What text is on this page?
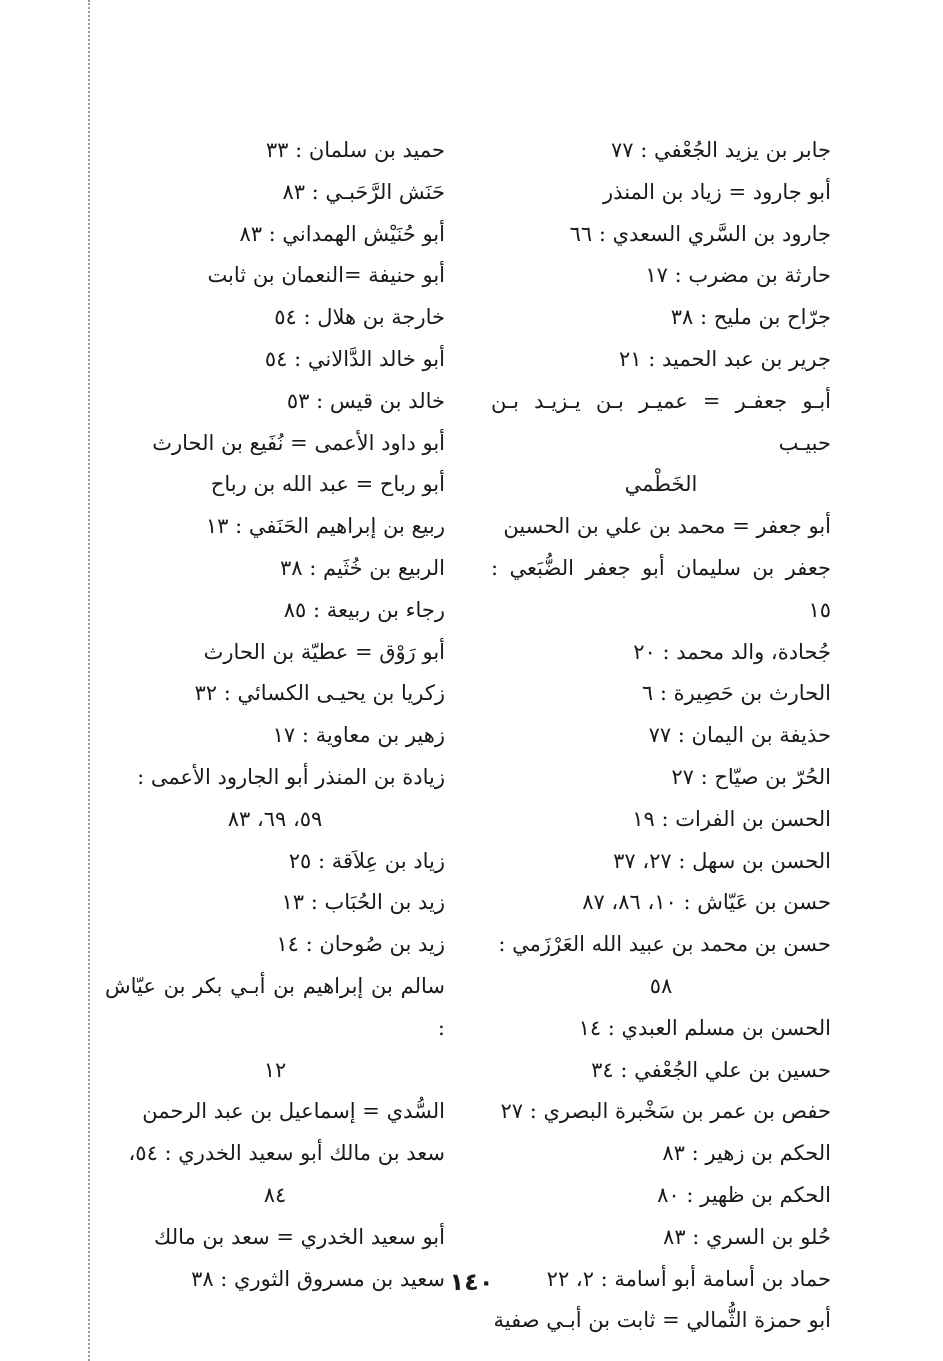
جابر بن يزيد الجُعْفي : ٧٧
أبو جارود = زياد بن المنذر
جارود بن السَّري السعدي : ٦٦
حارثة بن مضرب : ١٧
جرّاح بن مليح : ٣٨
جرير بن عبد الحميد : ٢١
أبـو جعفـر = عميـر بـن يـزيـد بـن حبيـب
الخَطْمي
أبو جعفر = محمد بن علي بن الحسين
جعفر بن سليمان أبو جعفر الضُّبَعي : ١٥
جُحادة، والد محمد : ٢٠
الحارث بن حَصِيرة : ٦
حذيفة بن اليمان : ٧٧
الحُرّ بن صيّاح : ٢٧
الحسن بن الفرات : ١٩
الحسن بن سهل : ٢٧، ٣٧
حسن بن عَيّاش : ١٠، ٨٦، ٨٧
حسن بن محمد بن عبيد الله العَرْزَمي :
٥٨
الحسن بن مسلم العبدي : ١٤
حسين بن علي الجُعْفي : ٣٤
حفص بن عمر بن سَخْبرة البصري : ٢٧
الحكم بن زهير : ٨٣
الحكم بن ظهير : ٨٠
حُلو بن السري : ٨٣
حماد بن أسامة أبو أسامة : ٢، ٢٢
أبو حمزة الثُّمالي = ثابت بن أبـي صفية
حميد بن سلمان : ٣٣
حَنَش الرَّحَبـي : ٨٣
أبو حُنَيْش الهمداني : ٨٣
أبو حنيفة =النعمان بن ثابت
خارجة بن هلال : ٥٤
أبو خالد الدَّالاني : ٥٤
خالد بن قيس : ٥٣
أبو داود الأعمى = نُفَيع بن الحارث
أبو رباح = عبد الله بن رباح
ربيع بن إبراهيم الحَنَفي : ١٣
الربيع بن خُثَيم : ٣٨
رجاء بن ربيعة : ٨٥
أبو رَوْق = عطيّة بن الحارث
زكريا بن يحيـى الكسائي : ٣٢
زهير بن معاوية : ١٧
زيادة بن المنذر أبو الجارود الأعمى :
٥٩، ٦٩، ٨٣
زياد بن عِلاَقة : ٢٥
زيد بن الحُبَاب : ١٣
زيد بن صُوحان : ١٤
سالم بن إبراهيم بن أبـي بكر بن عيّاش :
١٢
السُّدي = إسماعيل بن عبد الرحمن
سعد بن مالك أبو سعيد الخدري : ٥٤،
٨٤
أبو سعيد الخدري = سعد بن مالك
سعيد بن مسروق الثوري : ٣٨ ١٤٠
